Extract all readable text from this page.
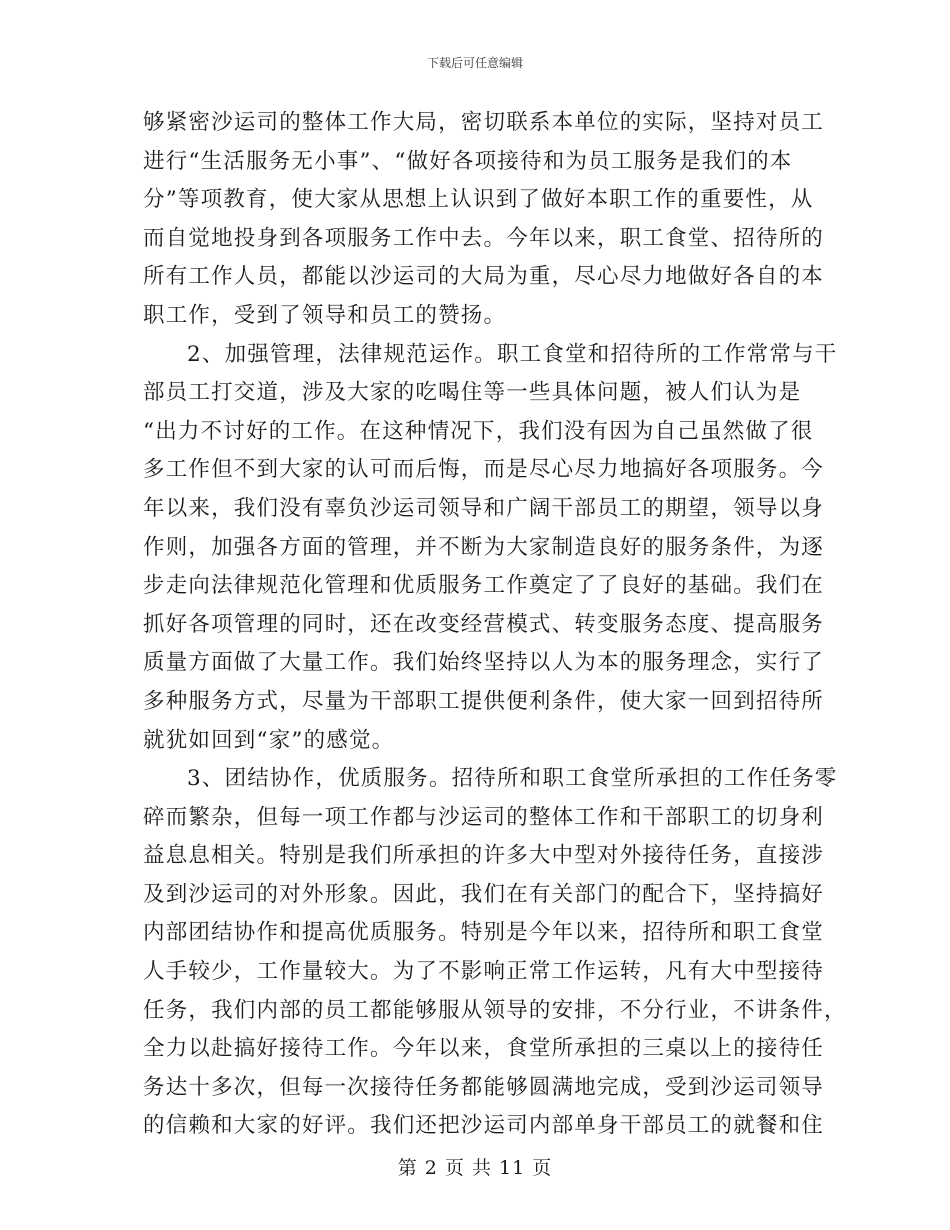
下载后可任意编辑
够紧密沙运司的整体工作大局，密切联系本单位的实际，坚持对员工
进行“生活服务无小事”、“做好各项接待和为员工服务是我们的本
分”等项教育，使大家从思想上认识到了做好本职工作的重要性，从
而自觉地投身到各项服务工作中去。今年以来，职工食堂、招待所的
所有工作人员，都能以沙运司的大局为重，尽心尽力地做好各自的本
职工作，受到了领导和员工的赞扬。
2、加强管理，法律规范运作。职工食堂和招待所的工作常常与干
部员工打交道，涉及大家的吃喝住等一些具体问题，被人们认为是
“出力不讨好的工作。在这种情况下，我们没有因为自己虽然做了很
多工作但不到大家的认可而后悔，而是尽心尽力地搞好各项服务。今
年以来，我们没有辜负沙运司领导和广阔干部员工的期望，领导以身
作则，加强各方面的管理，并不断为大家制造良好的服务条件，为逐
步走向法律规范化管理和优质服务工作奠定了了良好的基础。我们在
抓好各项管理的同时，还在改变经营模式、转变服务态度、提高服务
质量方面做了大量工作。我们始终坚持以人为本的服务理念，实行了
多种服务方式，尽量为干部职工提供便利条件，使大家一回到招待所
就犹如回到“家”的感觉。
3、团结协作，优质服务。招待所和职工食堂所承担的工作任务零
碎而繁杂，但每一项工作都与沙运司的整体工作和干部职工的切身利
益息息相关。特别是我们所承担的许多大中型对外接待任务，直接涉
及到沙运司的对外形象。因此，我们在有关部门的配合下，坚持搞好
内部团结协作和提高优质服务。特别是今年以来，招待所和职工食堂
人手较少，工作量较大。为了不影响正常工作运转，凡有大中型接待
任务，我们内部的员工都能够服从领导的安排，不分行业，不讲条件，
全力以赴搞好接待工作。今年以来，食堂所承担的三桌以上的接待任
务达十多次，但每一次接待任务都能够圆满地完成，受到沙运司领导
的信赖和大家的好评。我们还把沙运司内部单身干部员工的就餐和住
第 2 页 共 11 页
